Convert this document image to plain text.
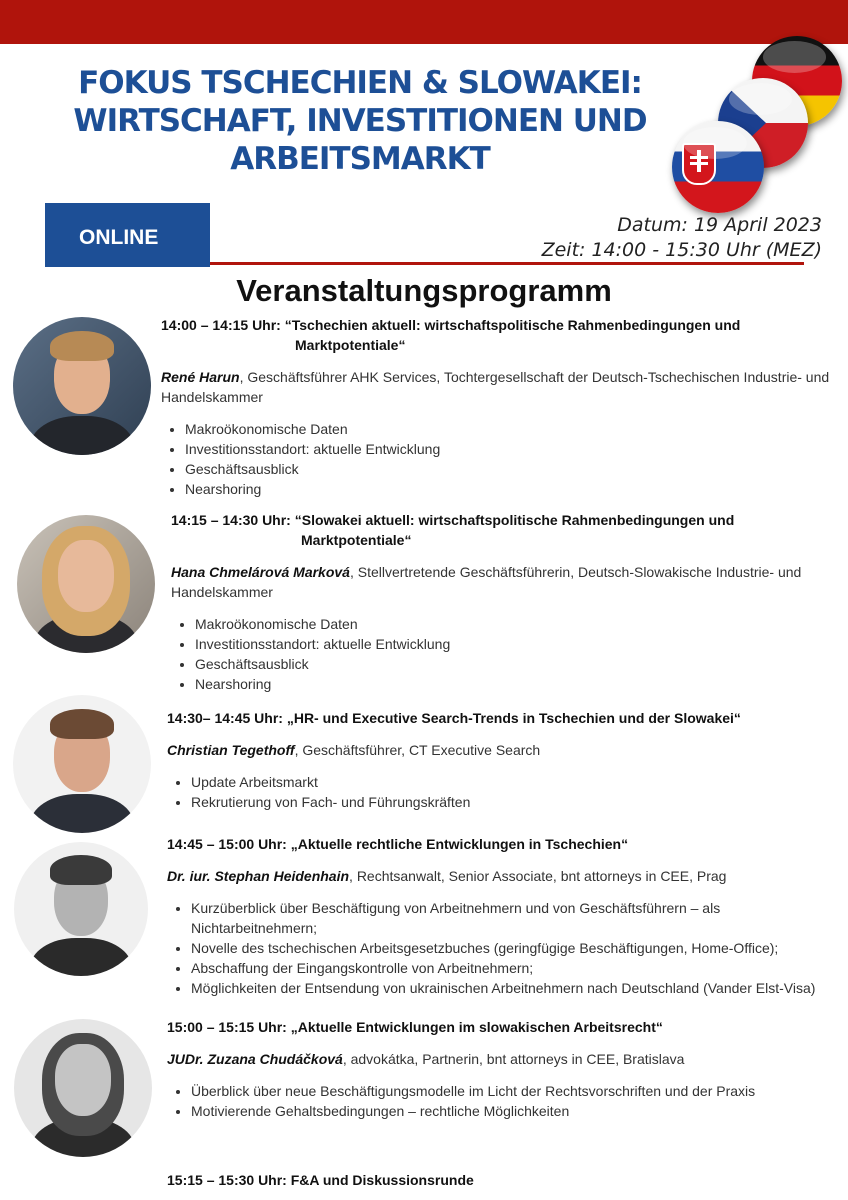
FOKUS TSCHECHIEN & SLOWAKEI:
WIRTSCHAFT, INVESTITIONEN UND
ARBEITSMARKT
ONLINE
Datum: 19 April 2023
Zeit: 14:00 - 15:30 Uhr (MEZ)
Veranstaltungsprogramm
14:00 – 14:15 Uhr: “Tschechien aktuell: wirtschaftspolitische Rahmenbedingungen und
Marktpotentiale“
René Harun, Geschäftsführer AHK Services, Tochtergesellschaft der Deutsch-Tschechischen Industrie- und Handelskammer
• Makroökonomische Daten
• Investitionsstandort: aktuelle Entwicklung
• Geschäftsausblick
• Nearshoring
14:15 – 14:30 Uhr: “Slowakei aktuell: wirtschaftspolitische Rahmenbedingungen und
Marktpotentiale“
Hana Chmelárová Marková, Stellvertretende Geschäftsführerin, Deutsch-Slowakische Industrie- und Handelskammer
• Makroökonomische Daten
• Investitionsstandort: aktuelle Entwicklung
• Geschäftsausblick
• Nearshoring
14:30– 14:45 Uhr: „HR- und Executive Search-Trends in Tschechien und der Slowakei“
Christian Tegethoff, Geschäftsführer, CT Executive Search
• Update Arbeitsmarkt
• Rekrutierung von Fach- und Führungskräften
14:45 – 15:00 Uhr: „Aktuelle rechtliche Entwicklungen in Tschechien“
Dr. iur. Stephan Heidenhain, Rechtsanwalt, Senior Associate, bnt attorneys in CEE, Prag
• Kurzüberblick über Beschäftigung von Arbeitnehmern und von Geschäftsführern – als Nichtarbeitnehmern;
• Novelle des tschechischen Arbeitsgesetzbuches (geringfügige Beschäftigungen, Home-Office);
• Abschaffung der Eingangskontrolle von Arbeitnehmern;
• Möglichkeiten der Entsendung von ukrainischen Arbeitnehmern nach Deutschland (Vander Elst-Visa)
15:00 – 15:15 Uhr: „Aktuelle Entwicklungen im slowakischen Arbeitsrecht“
JUDr. Zuzana Chudáčková, advokátka, Partnerin, bnt attorneys in CEE, Bratislava
• Überblick über neue Beschäftigungsmodelle im Licht der Rechtsvorschriften und der Praxis
• Motivierende Gehaltsbedingungen – rechtliche Möglichkeiten
15:15 – 15:30 Uhr: F&A und Diskussionsrunde
